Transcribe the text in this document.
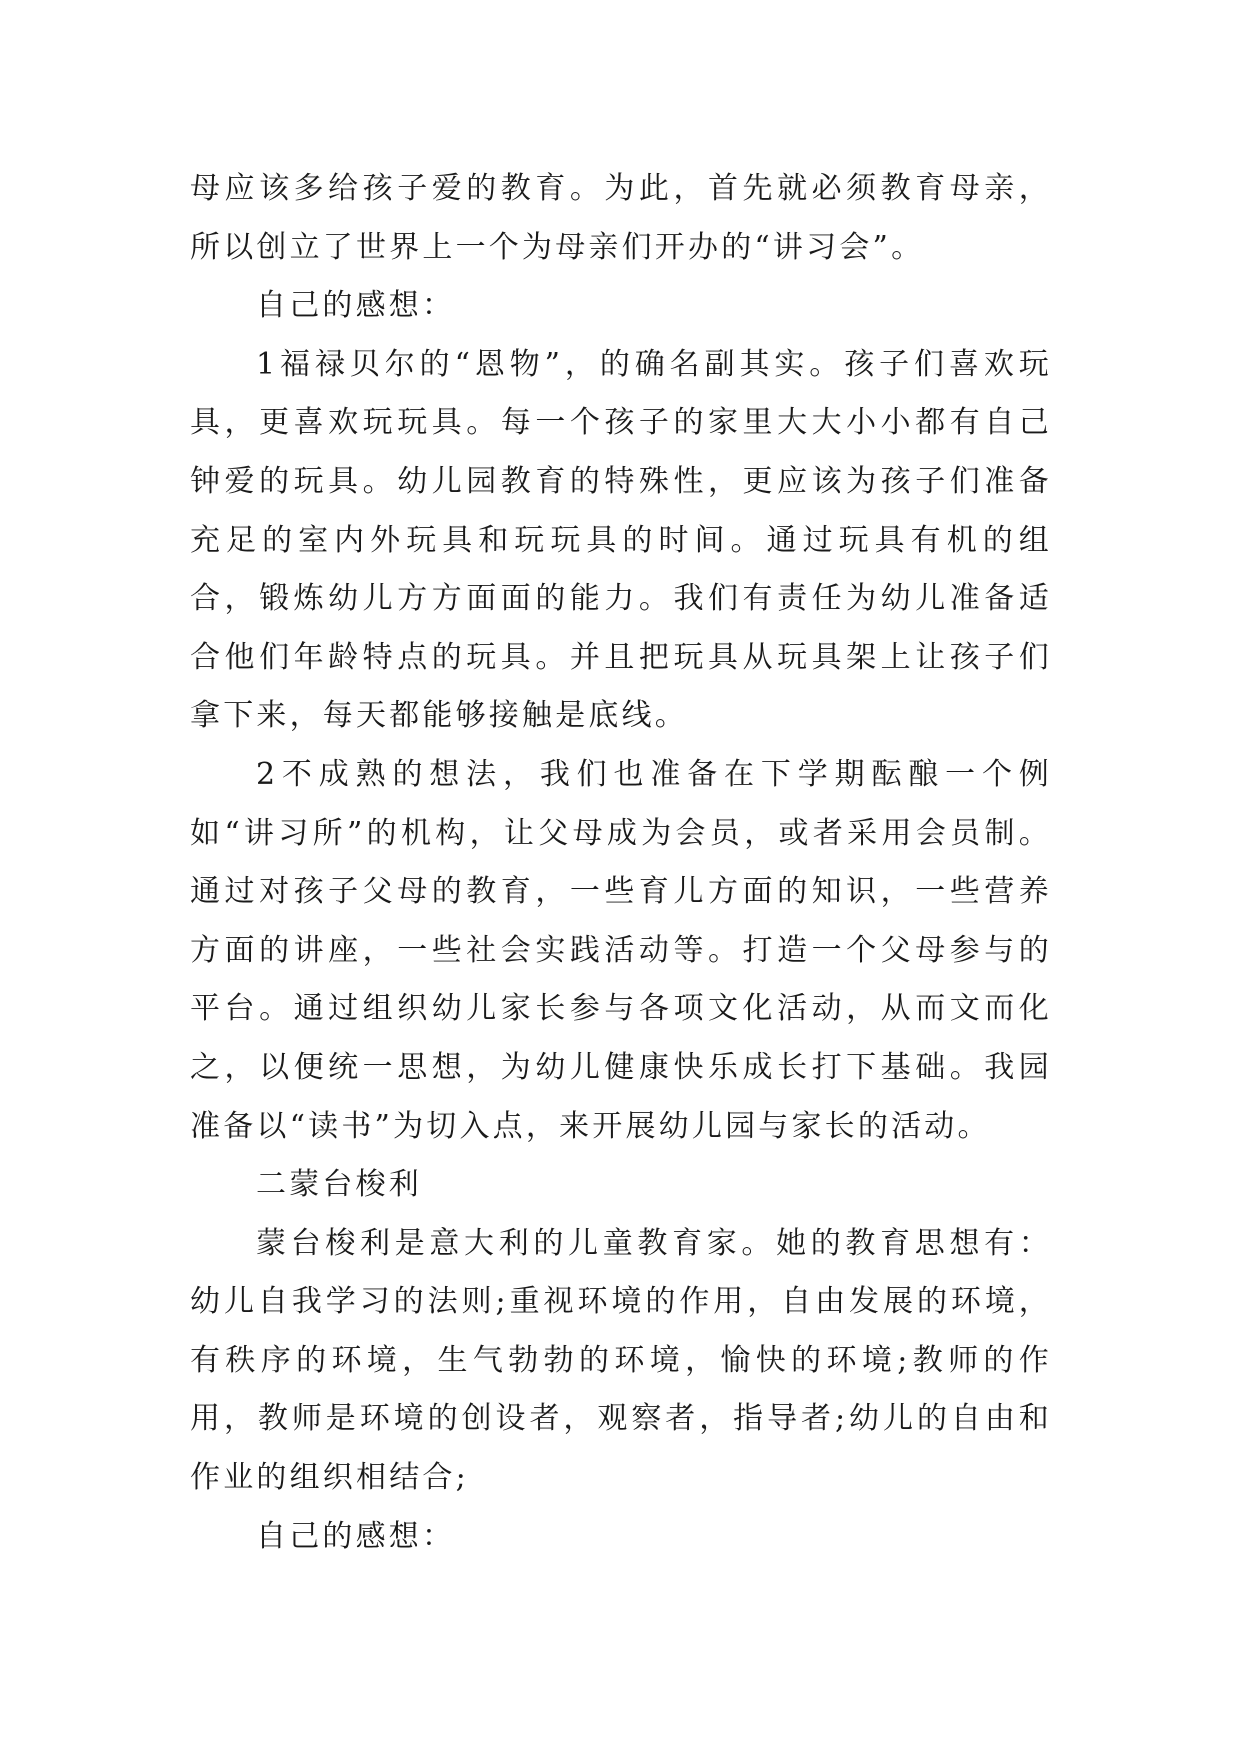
母应该多给孩子爱的教育。为此，首先就必须教育母亲，所以创立了世界上一个为母亲们开办的“讲习会”。

自己的感想：

1福禄贝尔的“恩物”，的确名副其实。孩子们喜欢玩具，更喜欢玩玩具。每一个孩子的家里大大小小都有自己钟爱的玩具。幼儿园教育的特殊性，更应该为孩子们准备充足的室内外玩具和玩玩具的时间。通过玩具有机的组合，锻炼幼儿方方面面的能力。我们有责任为幼儿准备适合他们年龄特点的玩具。并且把玩具从玩具架上让孩子们拿下来，每天都能够接触是底线。

2不成熟的想法，我们也准备在下学期酝酿一个例如“讲习所”的机构，让父母成为会员，或者采用会员制。通过对孩子父母的教育，一些育儿方面的知识，一些营养方面的讲座，一些社会实践活动等。打造一个父母参与的平台。通过组织幼儿家长参与各项文化活动，从而文而化之，以便统一思想，为幼儿健康快乐成长打下基础。我园准备以“读书”为切入点，来开展幼儿园与家长的活动。

二蒙台梭利

蒙台梭利是意大利的儿童教育家。她的教育思想有：幼儿自我学习的法则;重视环境的作用，自由发展的环境，有秩序的环境，生气勃勃的环境，愉快的环境;教师的作用，教师是环境的创设者，观察者，指导者;幼儿的自由和作业的组织相结合;

自己的感想：
